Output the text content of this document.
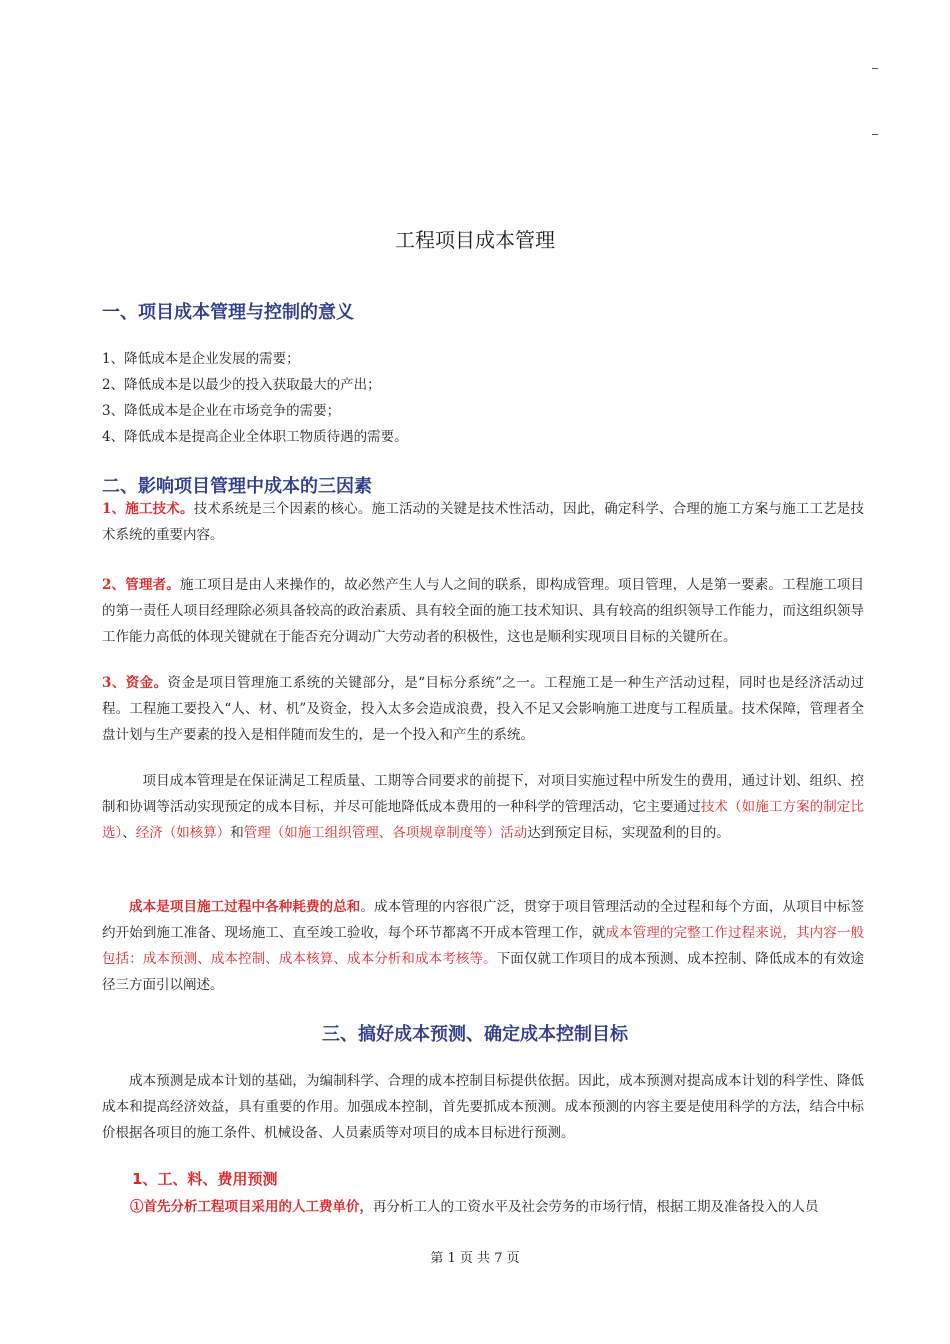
工程项目成本管理
一、项目成本管理与控制的意义
1、降低成本是企业发展的需要；
2、降低成本是以最少的投入获取最大的产出；
3、降低成本是企业在市场竞争的需要；
4、降低成本是提高企业全体职工物质待遇的需要。
二、影响项目管理中成本的三因素
1、施工技术。技术系统是三个因素的核心。施工活动的关键是技术性活动，因此，确定科学、合理的施工方案与施工工艺是技术系统的重要内容。
2、管理者。施工项目是由人来操作的，故必然产生人与人之间的联系，即构成管理。项目管理，人是第一要素。工程施工项目的第一责任人项目经理除必须具备较高的政治素质、具有较全面的施工技术知识、具有较高的组织领导工作能力，而这组织领导工作能力高低的体现关键就在于能否充分调动广大劳动者的积极性，这也是顺利实现项目目标的关键所在。
3、资金。资金是项目管理施工系统的关键部分，是“目标分系统”之一。工程施工是一种生产活动过程，同时也是经济活动过程。工程施工要投入“人、材、机”及资金，投入太多会造成浪费，投入不足又会影响施工进度与工程质量。技术保障，管理者全盘计划与生产要素的投入是相伴随而发生的，是一个投入和产生的系统。
项目成本管理是在保证满足工程质量、工期等合同要求的前提下，对项目实施过程中所发生的费用，通过计划、组织、控制和协调等活动实现预定的成本目标，并尽可能地降低成本费用的一种科学的管理活动，它主要通过技术（如施工方案的制定比选）、经济（如核算）和管理（如施工组织管理、各项规章制度等）活动达到预定目标，实现盈利的目的。
成本是项目施工过程中各种耗费的总和。成本管理的内容很广泛，贯穿于项目管理活动的全过程和每个方面，从项目中标签约开始到施工准备、现场施工、直至竣工验收，每个环节都离不开成本管理工作，就成本管理的完整工作过程来说，其内容一般包括：成本预测、成本控制、成本核算、成本分析和成本考核等。下面仅就工作项目的成本预测、成本控制、降低成本的有效途径三方面引以阐述。
三、搞好成本预测、确定成本控制目标
成本预测是成本计划的基础，为编制科学、合理的成本控制目标提供依据。因此，成本预测对提高成本计划的科学性、降低成本和提高经济效益，具有重要的作用。加强成本控制，首先要抓成本预测。成本预测的内容主要是使用科学的方法，结合中标价根据各项目的施工条件、机械设备、人员素质等对项目的成本目标进行预测。
1、工、料、费用预测
①首先分析工程项目采用的人工费单价，再分析工人的工资水平及社会劳务的市场行情，根据工期及准备投入的人员
第 1 页 共 7 页
